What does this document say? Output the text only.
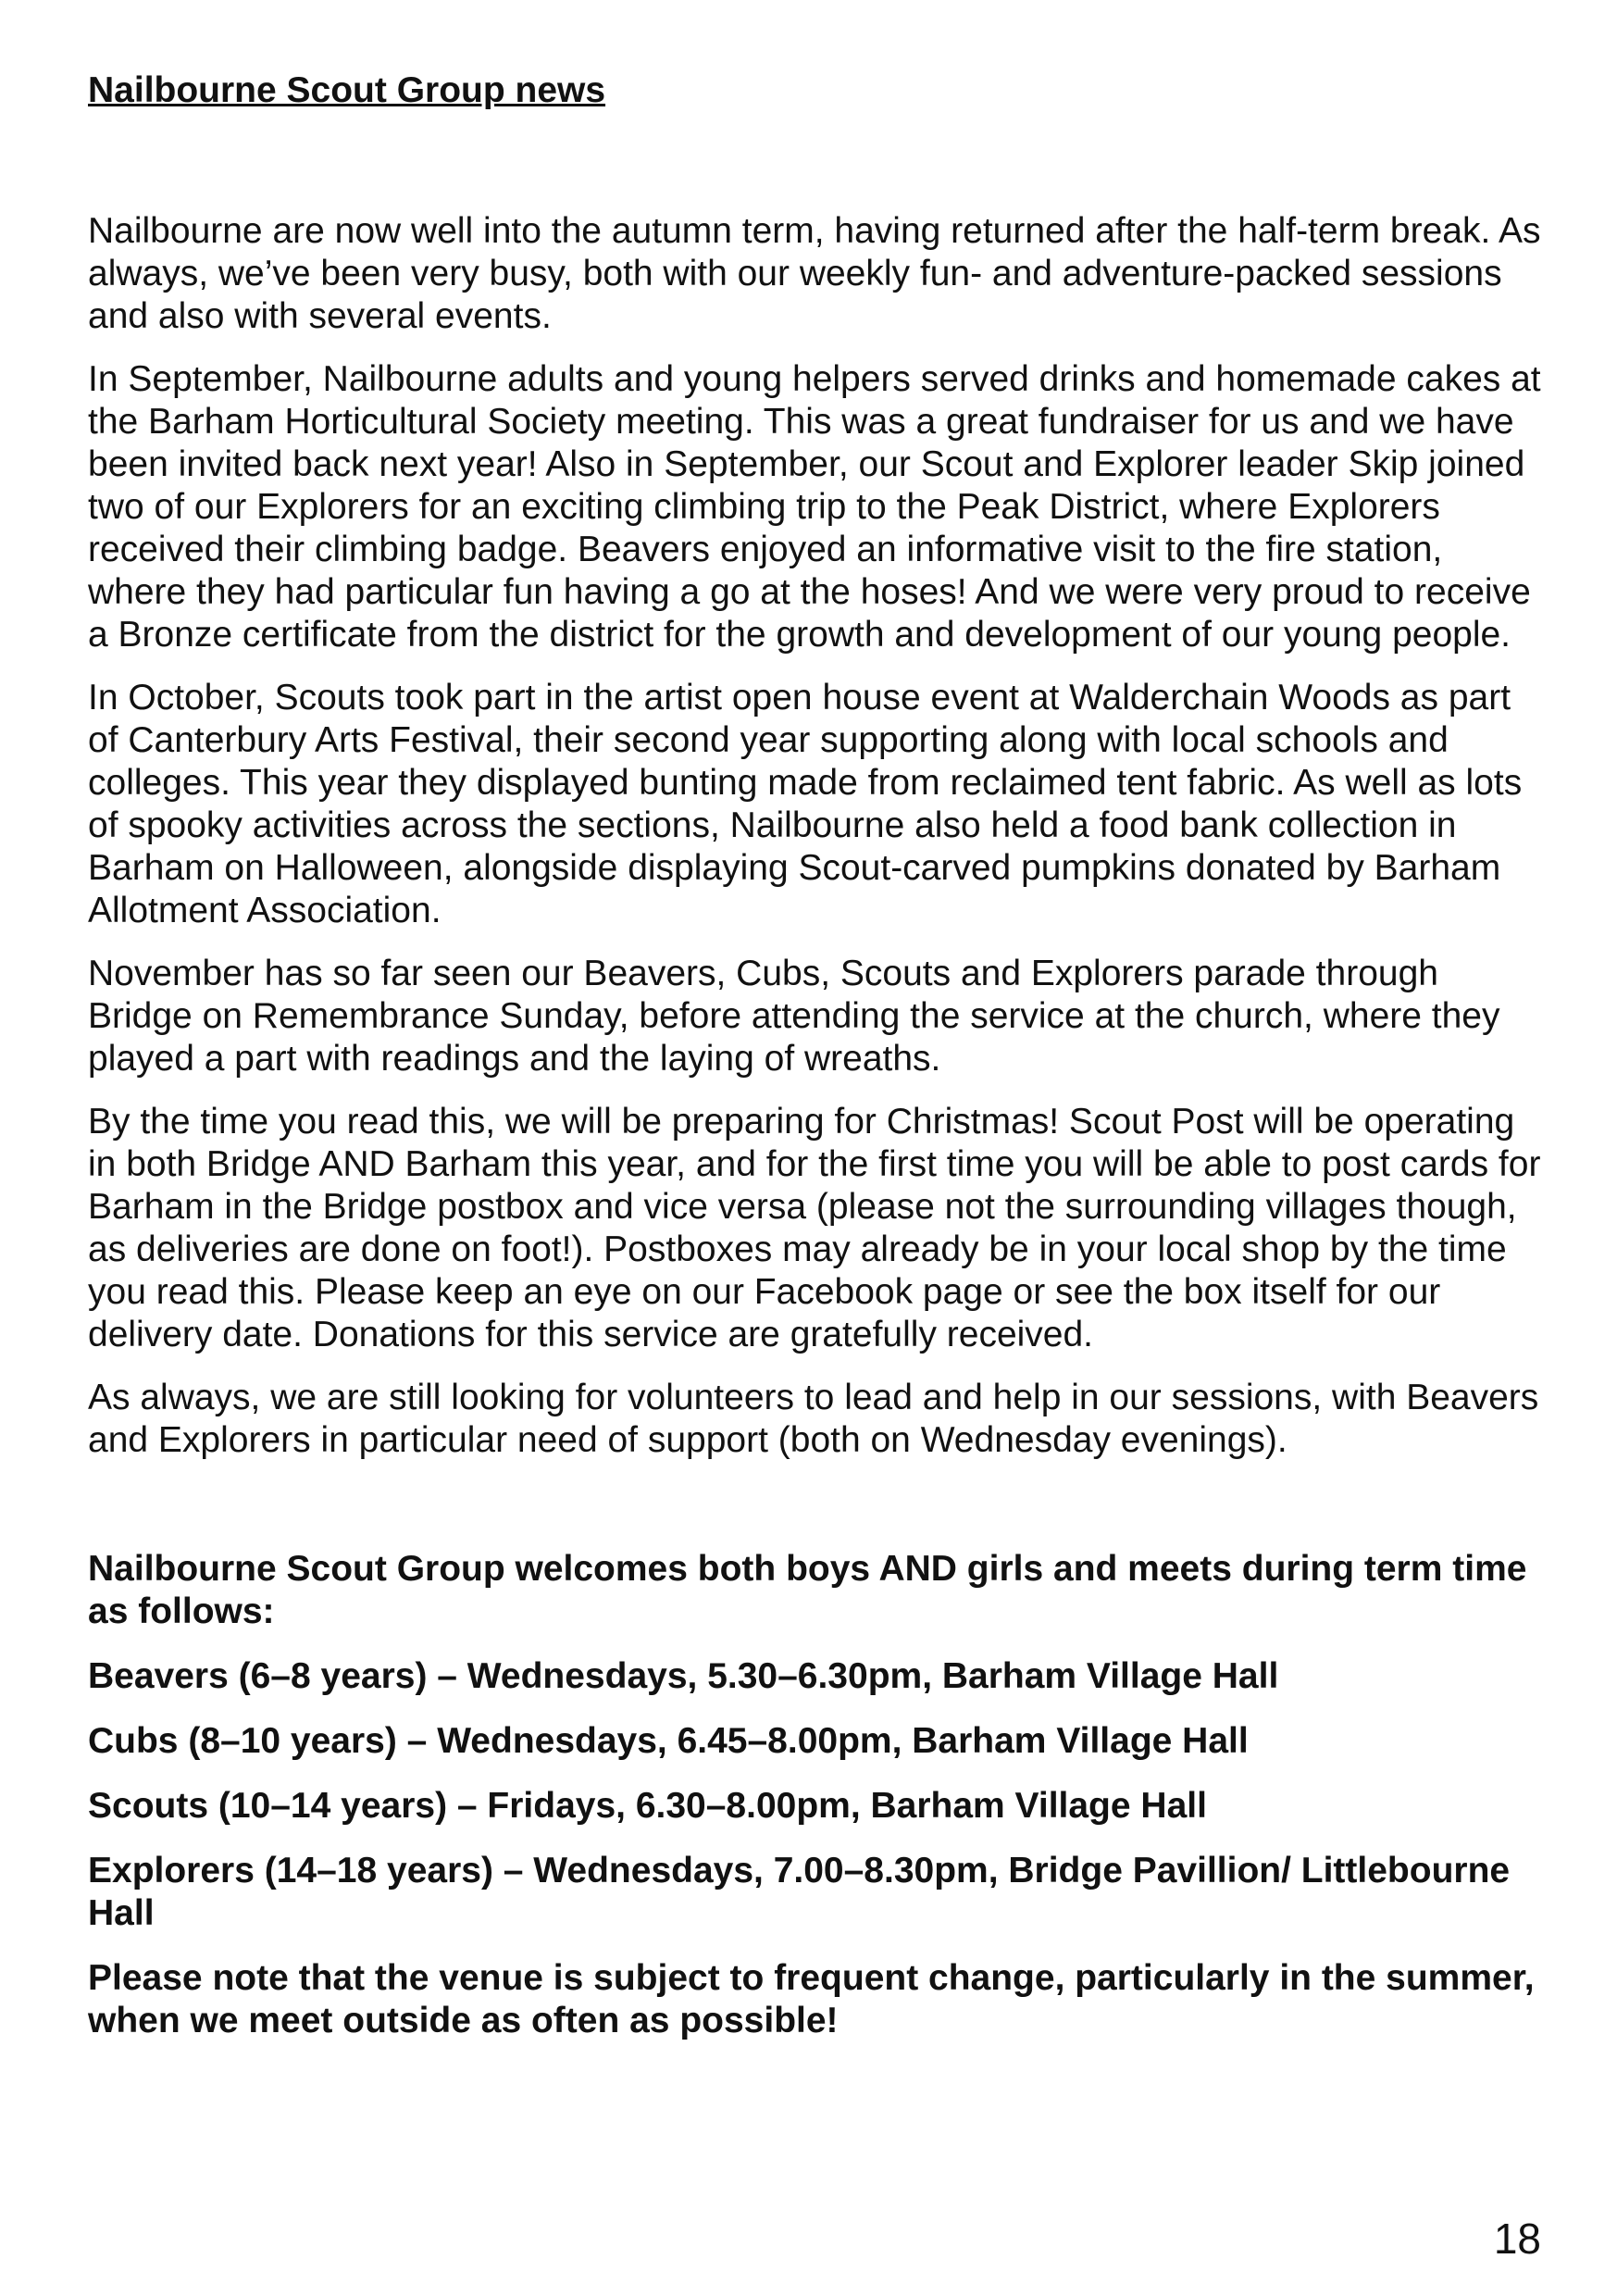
Nailbourne Scout Group news

Nailbourne are now well into the autumn term, having returned after the half-term break. As always, we’ve been very busy, both with our weekly fun- and adventure-packed sessions and also with several events.

In September, Nailbourne adults and young helpers served drinks and homemade cakes at the Barham Horticultural Society meeting. This was a great fundraiser for us and we have been invited back next year! Also in September, our Scout and Explorer leader Skip joined two of our Explorers for an exciting climbing trip to the Peak District, where Explorers received their climbing badge. Beavers enjoyed an informative visit to the fire station, where they had particular fun having a go at the hoses! And we were very proud to receive a Bronze certificate from the district for the growth and development of our young people.

In October, Scouts took part in the artist open house event at Walderchain Woods as part of Canterbury Arts Festival, their second year supporting along with local schools and colleges. This year they displayed bunting made from reclaimed tent fabric. As well as lots of spooky activities across the sections, Nailbourne also held a food bank collection in Barham on Halloween, alongside displaying Scout-carved pumpkins donated by Barham Allotment Association.

November has so far seen our Beavers, Cubs, Scouts and Explorers parade through Bridge on Remembrance Sunday, before attending the service at the church, where they played a part with readings and the laying of wreaths.

By the time you read this, we will be preparing for Christmas! Scout Post will be operating in both Bridge AND Barham this year, and for the first time you will be able to post cards for Barham in the Bridge postbox and vice versa (please not the surrounding villages though, as deliveries are done on foot!). Postboxes may already be in your local shop by the time you read this. Please keep an eye on our Facebook page or see the box itself for our delivery date. Donations for this service are gratefully received.

As always, we are still looking for volunteers to lead and help in our sessions, with Beavers and Explorers in particular need of support (both on Wednesday evenings).

Nailbourne Scout Group welcomes both boys AND girls and meets during term time as follows:

Beavers (6–8 years) – Wednesdays, 5.30–6.30pm, Barham Village Hall

Cubs (8–10 years) – Wednesdays, 6.45–8.00pm, Barham Village Hall

Scouts (10–14 years) – Fridays, 6.30–8.00pm, Barham Village Hall

Explorers (14–18 years) – Wednesdays, 7.00–8.30pm, Bridge Pavillion/ Littlebourne Hall

Please note that the venue is subject to frequent change, particularly in the summer, when we meet outside as often as possible!

18
